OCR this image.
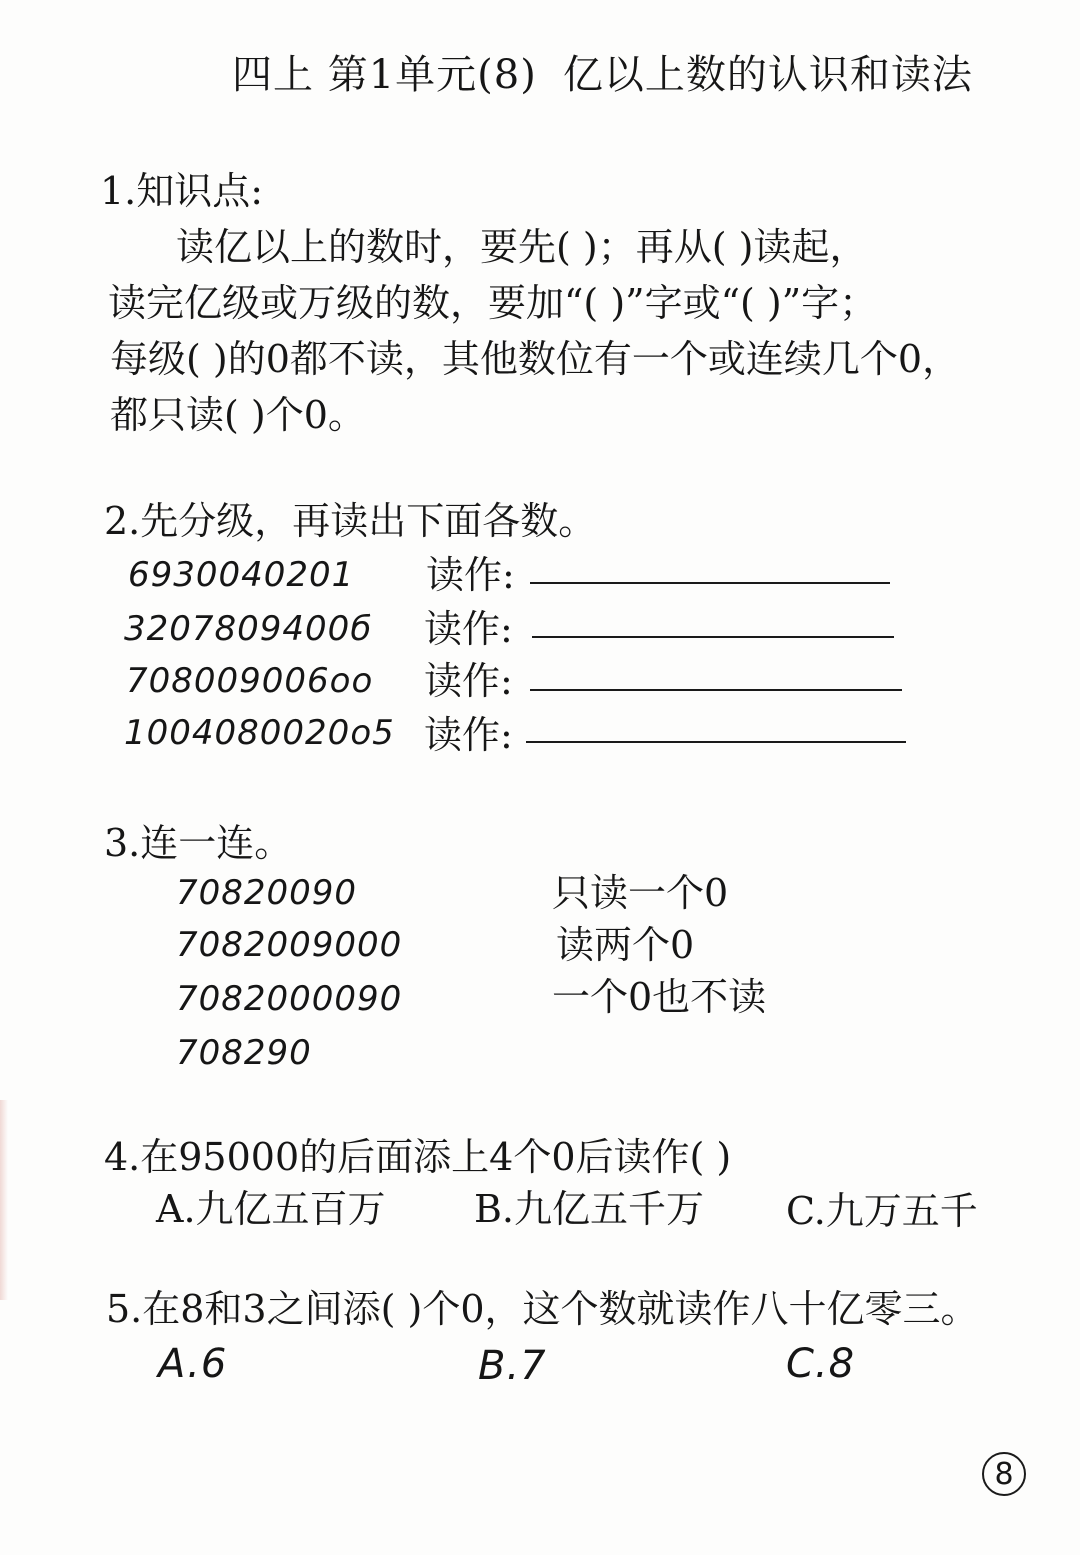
四上 第1单元(8) 亿以上数的认识和读法
1.知识点:
读亿以上的数时，要先( )；再从( )读起，
读完亿级或万级的数，要加“( )”字或“( )”字；
每级( )的0都不读，其他数位有一个或连续几个0，
都只读( )个0。
2.先分级，再读出下面各数。
6930040201 读作:
3207809400б 读作:
708009006оо 读作:
1004080020о5 读作:
3.连一连。
70820090
7082009000
7082000090
708290
只读一个0
读两个0
一个0也不读
4.在95000的后面添上4个0后读作( )
A.九亿五百万 B.九亿五千万 C.九万五千
5.在8和3之间添( )个0，这个数就读作八十亿零三。
A.6	B.7	C.8
8
